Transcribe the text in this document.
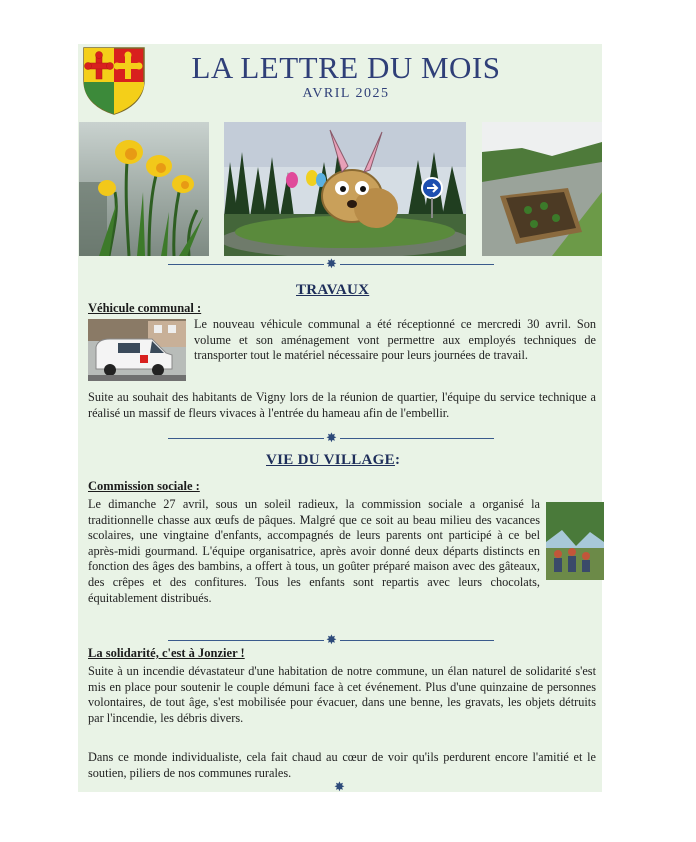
LA LETTRE DU MOIS
AVRIL 2025
✸
TRAVAUX
Véhicule communal :
Le nouveau véhicule communal a été réceptionné ce mercredi 30 avril. Son volume et son aménagement vont permettre aux employés techniques de transporter tout le matériel nécessaire pour leurs journées de travail.
Suite au souhait des habitants de Vigny lors de la réunion de quartier, l'équipe du service technique a réalisé un massif de fleurs vivaces à l'entrée du hameau afin de l'embellir.
✸
VIE DU VILLAGE:
Commission sociale :
Le dimanche 27 avril, sous un soleil radieux, la commission sociale a organisé la traditionnelle chasse aux œufs de pâques. Malgré que ce soit au beau milieu des vacances scolaires, une vingtaine d'enfants, accompagnés de leurs parents ont participé à ce bel après-midi gourmand. L'équipe organisatrice, après avoir donné deux départs distincts en fonction des âges des bambins, a offert à tous, un goûter préparé maison avec des gâteaux, des crêpes et des confitures. Tous les enfants sont repartis avec leurs chocolats, équitablement distribués.
✸
La solidarité, c'est à Jonzier !
Suite à un incendie dévastateur d'une habitation de notre commune, un élan naturel de solidarité s'est mis en place pour soutenir le couple démuni face à cet événement. Plus d'une quinzaine de personnes volontaires, de tout âge, s'est mobilisée pour évacuer, dans une benne, les gravats, les objets détruits par l'incendie, les débris divers.
Dans ce monde individualiste, cela fait chaud au cœur de voir qu'ils perdurent encore l'amitié et le soutien, piliers de nos communes rurales.
✸
